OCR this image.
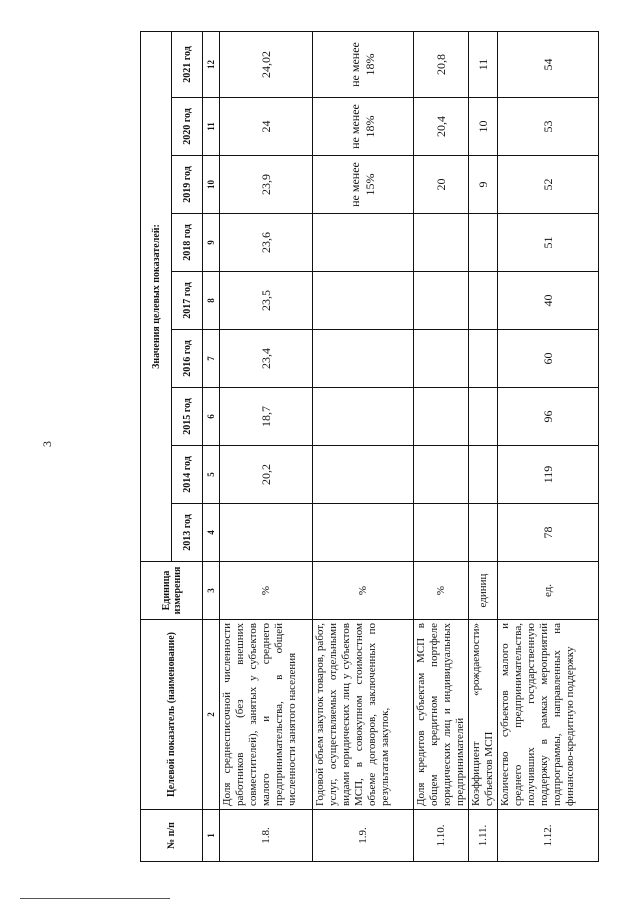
3
№ п/п	Целевой показатель (наименование)	Единица измерения	Значения целевых показателей:								
			2013 год	2014 год	2015 год	2016 год	2017 год	2018 год	2019 год	2020 год	2021 год
1	2	3	4	5	6	7	8	9	10	11	12
1.8.	Доля среднесписочной численности работников (без внешних совместителей), занятых у субъектов малого и среднего предпринимательства, в общей численности занятого населения	%		20,2	18,7	23,4	23,5	23,6	23,9	24	24,02
1.9.	Годовой объем закупок товаров, работ, услуг, осуществляемых отдельными видами юридических лиц у субъектов МСП, в совокупном стоимостном объеме договоров, заключенных по результатам закупок,	%							не менее 15%	не менее 18%	не менее 18%
1.10.	Доля кредитов субъектам МСП в общем кредитном портфеле юридических лиц и индивидуальных предпринимателей	%							20	20,4	20,8
1.11.	Коэффициент «рождаемости» субъектов МСП	единиц							9	10	11
1.12.	Количество субъектов малого и среднего предпринимательства, получивших государственную поддержку в рамках мероприятий подпрограммы, направленных на финансово-кредитную поддержку	ед.	78	119	96	60	40	51	52	53	54
